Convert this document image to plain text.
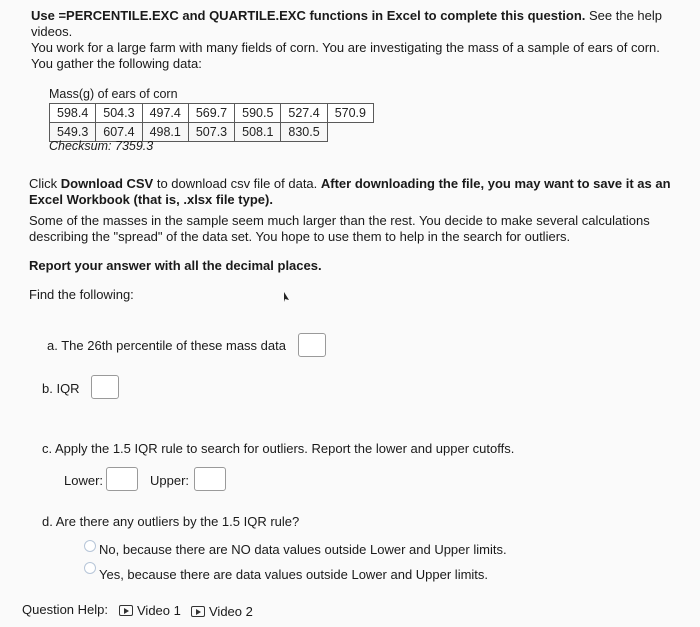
Use =PERCENTILE.EXC and QUARTILE.EXC functions in Excel to complete this question. See the help
videos.
You work for a large farm with many fields of corn. You are investigating the mass of a sample of ears of corn.
You gather the following data:
Mass(g) of ears of corn
598.4	504.3	497.4	569.7	590.5	527.4	570.9
549.3	607.4	498.1	507.3	508.1	830.5	
Checksum: 7359.3
Click Download CSV to download csv file of data. After downloading the file, you may want to save it as an
Excel Workbook (that is, .xlsx file type).
Some of the masses in the sample seem much larger than the rest. You decide to make several calculations
describing the "spread" of the data set. You hope to use them to help in the search for outliers.
Report your answer with all the decimal places.
Find the following:
a. The 26th percentile of these mass data
b. IQR
c. Apply the 1.5 IQR rule to search for outliers. Report the lower and upper cutoffs.
Lower:	Upper:
d. Are there any outliers by the 1.5 IQR rule?
No, because there are NO data values outside Lower and Upper limits.
Yes, because there are data values outside Lower and Upper limits.
Question Help:	Video 1	Video 2
